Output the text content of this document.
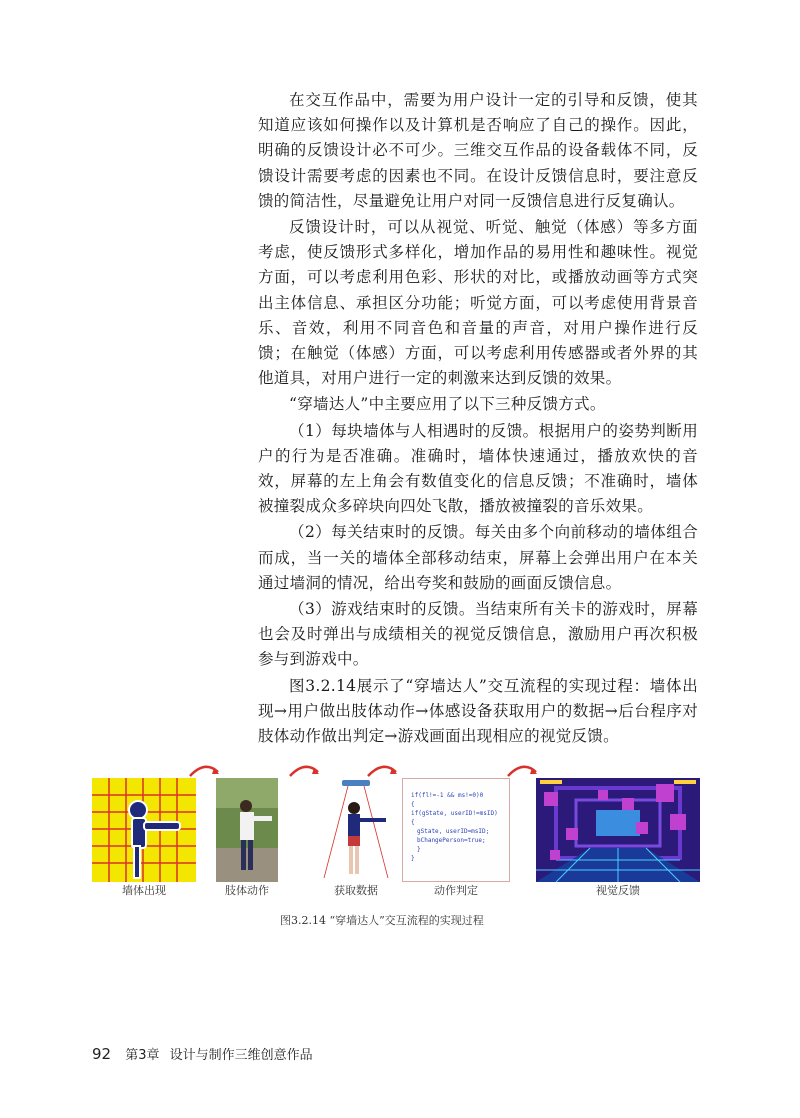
在交互作品中，需要为用户设计一定的引导和反馈，使其知道应该如何操作以及计算机是否响应了自己的操作。因此，明确的反馈设计必不可少。三维交互作品的设备载体不同，反馈设计需要考虑的因素也不同。在设计反馈信息时，要注意反馈的简洁性，尽量避免让用户对同一反馈信息进行反复确认。

反馈设计时，可以从视觉、听觉、触觉（体感）等多方面考虑，使反馈形式多样化，增加作品的易用性和趣味性。视觉方面，可以考虑利用色彩、形状的对比，或播放动画等方式突出主体信息、承担区分功能；听觉方面，可以考虑使用背景音乐、音效，利用不同音色和音量的声音，对用户操作进行反馈；在触觉（体感）方面，可以考虑利用传感器或者外界的其他道具，对用户进行一定的刺激来达到反馈的效果。

“穿墙达人”中主要应用了以下三种反馈方式。

（1）每块墙体与人相遇时的反馈。根据用户的姿势判断用户的行为是否准确。准确时，墙体快速通过，播放欢快的音效，屏幕的左上角会有数值变化的信息反馈；不准确时，墙体被撞裂成众多碎块向四处飞散，播放被撞裂的音乐效果。

（2）每关结束时的反馈。每关由多个向前移动的墙体组合而成，当一关的墙体全部移动结束，屏幕上会弹出用户在本关通过墙洞的情况，给出夸奖和鼓励的画面反馈信息。

（3）游戏结束时的反馈。当结束所有关卡的游戏时，屏幕也会及时弹出与成绩相关的视觉反馈信息，激励用户再次积极参与到游戏中。

图3.2.14展示了“穿墙达人”交互流程的实现过程：墙体出现→用户做出肢体动作→体感设备获取用户的数据→后台程序对肢体动作做出判定→游戏画面出现相应的视觉反馈。

墙体出现	肢体动作	获取数据
if(fl!=-1 && ms!=0)0
{
if(gState, userID!=msID)
{
gState, userID=msID;
bChangePerson=true;
}
}
动作判定	视觉反馈
图3.2.14 “穿墙达人”交互流程的实现过程
92 第3章 设计与制作三维创意作品
